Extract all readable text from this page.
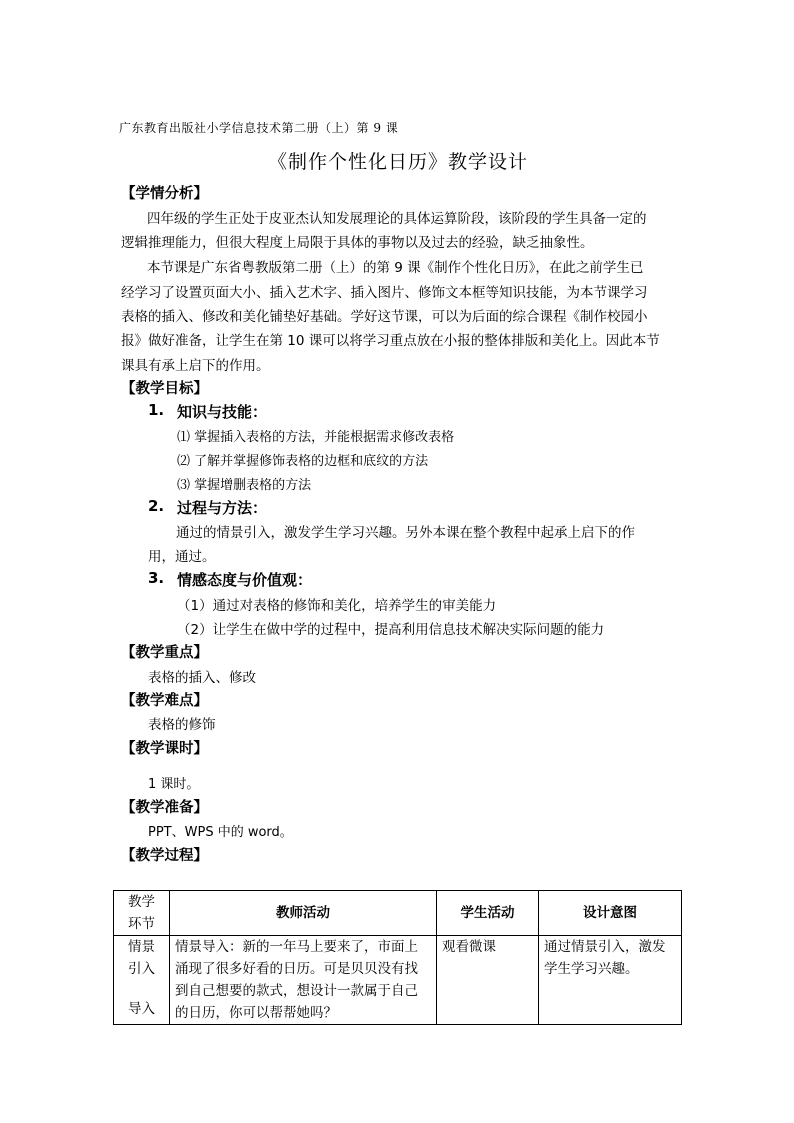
广东教育出版社小学信息技术第二册（上）第 9 课
《制作个性化日历》教学设计
【学情分析】
四年级的学生正处于皮亚杰认知发展理论的具体运算阶段，该阶段的学生具备一定的
逻辑推理能力，但很大程度上局限于具体的事物以及过去的经验，缺乏抽象性。
本节课是广东省粤教版第二册（上）的第 9 课《制作个性化日历》，在此之前学生已
经学习了设置页面大小、插入艺术字、插入图片、修饰文本框等知识技能，为本节课学习
表格的插入、修改和美化铺垫好基础。学好这节课，可以为后面的综合课程《制作校园小
报》做好准备，让学生在第 10 课可以将学习重点放在小报的整体排版和美化上。因此本节
课具有承上启下的作用。
【教学目标】
1. 知识与技能：
⑴ 掌握插入表格的方法，并能根据需求修改表格
⑵ 了解并掌握修饰表格的边框和底纹的方法
⑶ 掌握增删表格的方法
2. 过程与方法：
通过的情景引入，激发学生学习兴趣。另外本课在整个教程中起承上启下的作
用，通过。
3. 情感态度与价值观：
（1）通过对表格的修饰和美化，培养学生的审美能力
（2）让学生在做中学的过程中，提高利用信息技术解决实际问题的能力
【教学重点】
表格的插入、修改
【教学难点】
表格的修饰
【教学课时】
1 课时。
【教学准备】
PPT、WPS 中的 word。
【教学过程】
教学
环节	教师活动	学生活动	设计意图

情景
引入
导入	情景导入：新的一年马上要来了，市面上涌现了很多好看的日历。可是贝贝没有找到自己想要的款式，想设计一款属于自己的日历，你可以帮帮她吗？	观看微课	通过情景引入，激发学生学习兴趣。
